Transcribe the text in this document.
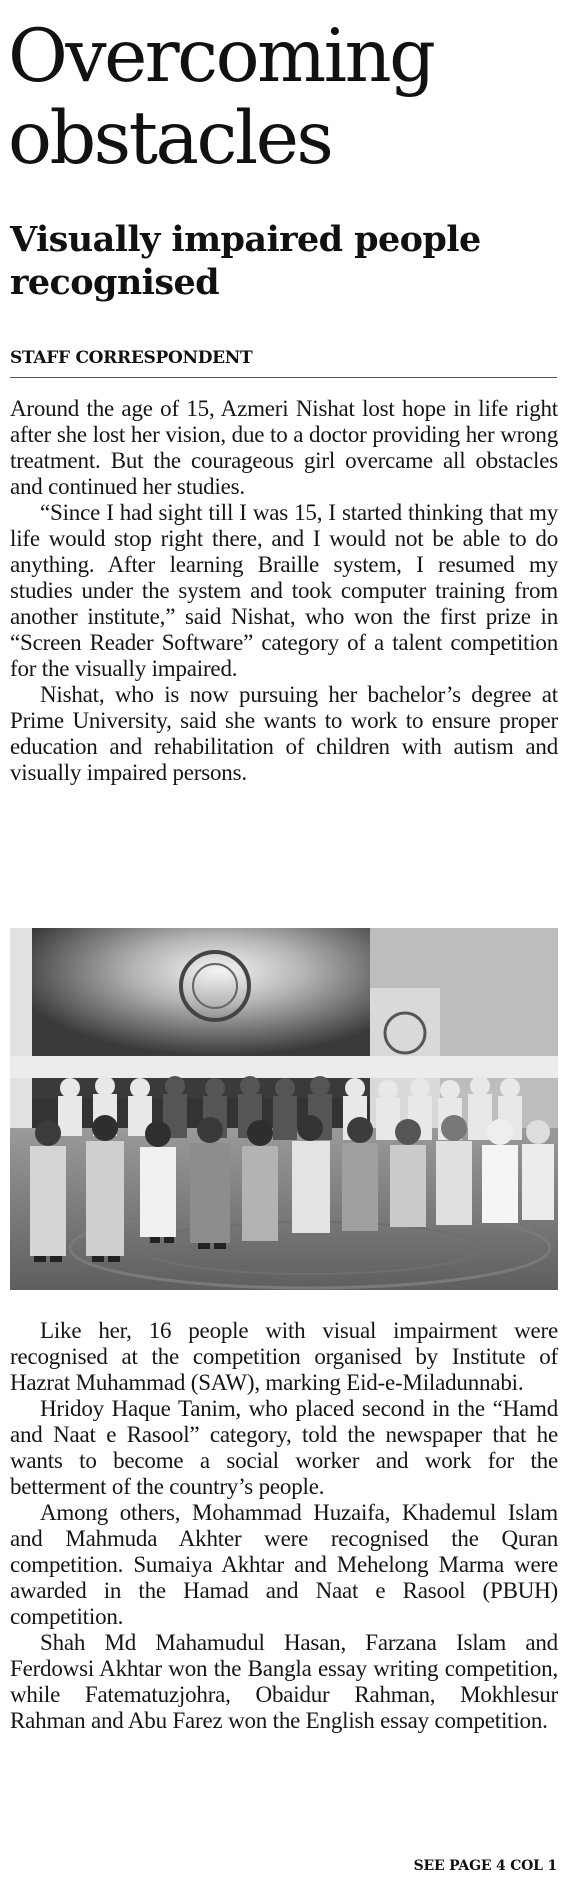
Overcoming
obstacles
Visually impaired people
recognised
STAFF CORRESPONDENT

Around the age of 15, Azmeri Nishat lost hope in life right after she lost her vision, due to a doctor providing her wrong treatment. But the courageous girl overcame all obstacles and continued her studies.

“Since I had sight till I was 15, I started thinking that my life would stop right there, and I would not be able to do anything. After learning Braille system, I resumed my studies under the system and took computer training from another institute,” said Nishat, who won the first prize in “Screen Reader Software” category of a talent competition for the visually impaired.

Nishat, who is now pursuing her bachelor’s degree at Prime University, said she wants to work to ensure proper education and rehabilitation of children with autism and visually impaired persons.

Like her, 16 people with visual impairment were recognised at the competition organised by Institute of Hazrat Muhammad (SAW), marking Eid-e-Miladunnabi.

Hridoy Haque Tanim, who placed second in the “Hamd and Naat e Rasool” category, told the newspaper that he wants to become a social worker and work for the betterment of the country’s people.

Among others, Mohammad Huzaifa, Khademul Islam and Mahmuda Akhter were recognised the Quran competition. Sumaiya Akhtar and Mehelong Marma were awarded in the Hamad and Naat e Rasool (PBUH) competition.

Shah Md Mahamudul Hasan, Farzana Islam and Ferdowsi Akhtar won the Bangla essay writing competition, while Fatematuzjohra, Obaidur Rahman, Mokhlesur Rahman and Abu Farez won the English essay competition.

SEE PAGE 4 COL 1
